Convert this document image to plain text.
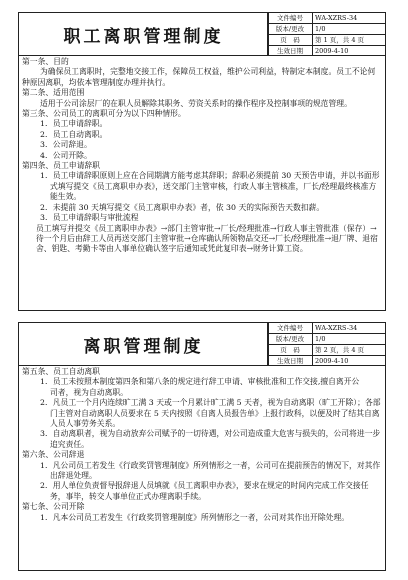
职工离职管理制度
文件编号	WA-XZRS-34
版本/更改	1/0
页　码	第 1 页，共 4 页
生效日期	2009-4-10

第一条、目的

为确保员工离职时，完整地交接工作，保障员工权益，维护公司利益，特制定本制度。员工不论何种原因离职，均依本管理制度办理并执行。

第二条、适用范围

适用于公司涂层厂的在职人员解除其职务、劳资关系时的操作程序及控制事项的规范管理。

第三条、公司员工的离职可分为以下四种情形。

1．员工申请辞职。

2．员工自动离职。

3．公司辞退。

4．公司开除。

第四条、员工申请辞职

1．员工申请辞职原则上应在合同期满方能考虑其辞职；辞职必须提前 30 天预告申请，并以书面形式填写提交《员工离职申办表》，送交部门主管审核，行政人事主管核准，厂长/经理最终核准方能生效。

2．未提前 30 天填写提交《员工离职申办表》者，依 30 天的实际预告天数扣薪。

3．员工申请辞职与审批流程

员工填写并提交《员工离职申办表》→部门主管审批→厂长/经理批准→行政人事主管批准（保存）→待一个月后由辞工人员再送交部门主管审批→仓库确认所领物品交还→厂长/经理批准→退厂牌、退宿舍、钥匙、考勤卡等由人事单位确认签字后通知或凭此复印表→财务计算工资。

离职管理制度
文件编号	WA-XZRS-34
版本/更改	1/0
页　码	第 2 页，共 4 页
生效日期	2009-4-10

第五条、员工自动离职

1．员工未按照本制度第四条和第八条的规定进行辞工申请、审核批准和工作交接,擅自离开公

司者，视为自动离职。

2．凡员工一个月内连续旷工满 3 天或一个月累计旷工满 5 天者，视为自动离职（旷工开除）；各部门主管对自动离职人员要求在 5 天内按照《自离人员报告单》上报行政科，以便及时了结其自离人员人事劳务关系。

3．自动离职者，视为自动放弃公司赋予的一切待遇，对公司造成重大危害与损失的，公司将进一步追究责任。

第六条、公司辞退

1．凡公司员工若发生《行政奖罚管理制度》所列情形之一者，公司可在提前预告的情况下，对其作出辞退处理。

2．用人单位负责督导报辞退人员填就《员工离职申办表》，要求在规定的时间内完成工作交接任务，事毕，转交人事单位正式办理离职手续。

第七条、公司开除

1．凡本公司员工若发生《行政奖罚管理制度》所列情形之一者，公司对其作出开除处理。
